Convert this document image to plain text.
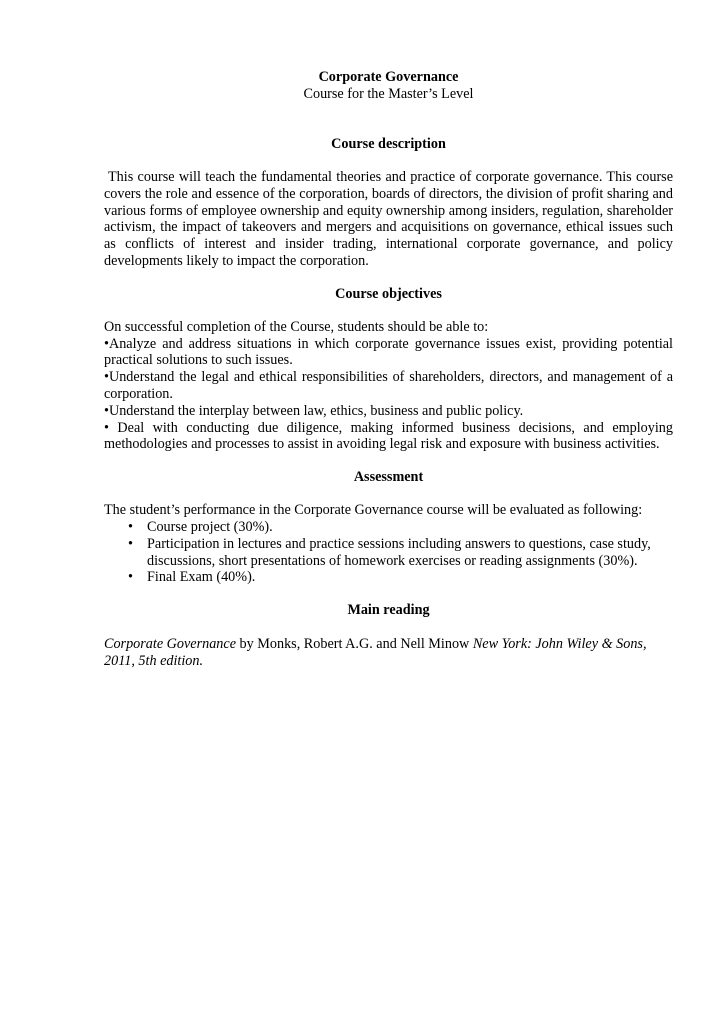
Corporate Governance
Course for the Master’s Level
Course description

This course will teach the fundamental theories and practice of corporate governance. This course covers the role and essence of the corporation, boards of directors, the division of profit sharing and various forms of employee ownership and equity ownership among insiders, regulation, shareholder activism, the impact of takeovers and mergers and acquisitions on governance, ethical issues such as conflicts of interest and insider trading, international corporate governance, and policy developments likely to impact the corporation.

Course objectives

On successful completion of the Course, students should be able to:

•Analyze and address situations in which corporate governance issues exist, providing potential practical solutions to such issues.

•Understand the legal and ethical responsibilities of shareholders, directors, and management of a corporation.

•Understand the interplay between law, ethics, business and public policy.

• Deal with conducting due diligence, making informed business decisions, and employing methodologies and processes to assist in avoiding legal risk and exposure with business activities.

Assessment

The student’s performance in the Corporate Governance course will be evaluated as following:

• Course project (30%).
• Participation in lectures and practice sessions including answers to questions, case study, discussions, short presentations of homework exercises or reading assignments (30%).
• Final Exam (40%).
Main reading

Corporate Governance by Monks, Robert A.G. and Nell Minow New York: John Wiley & Sons, 2011, 5th edition.
